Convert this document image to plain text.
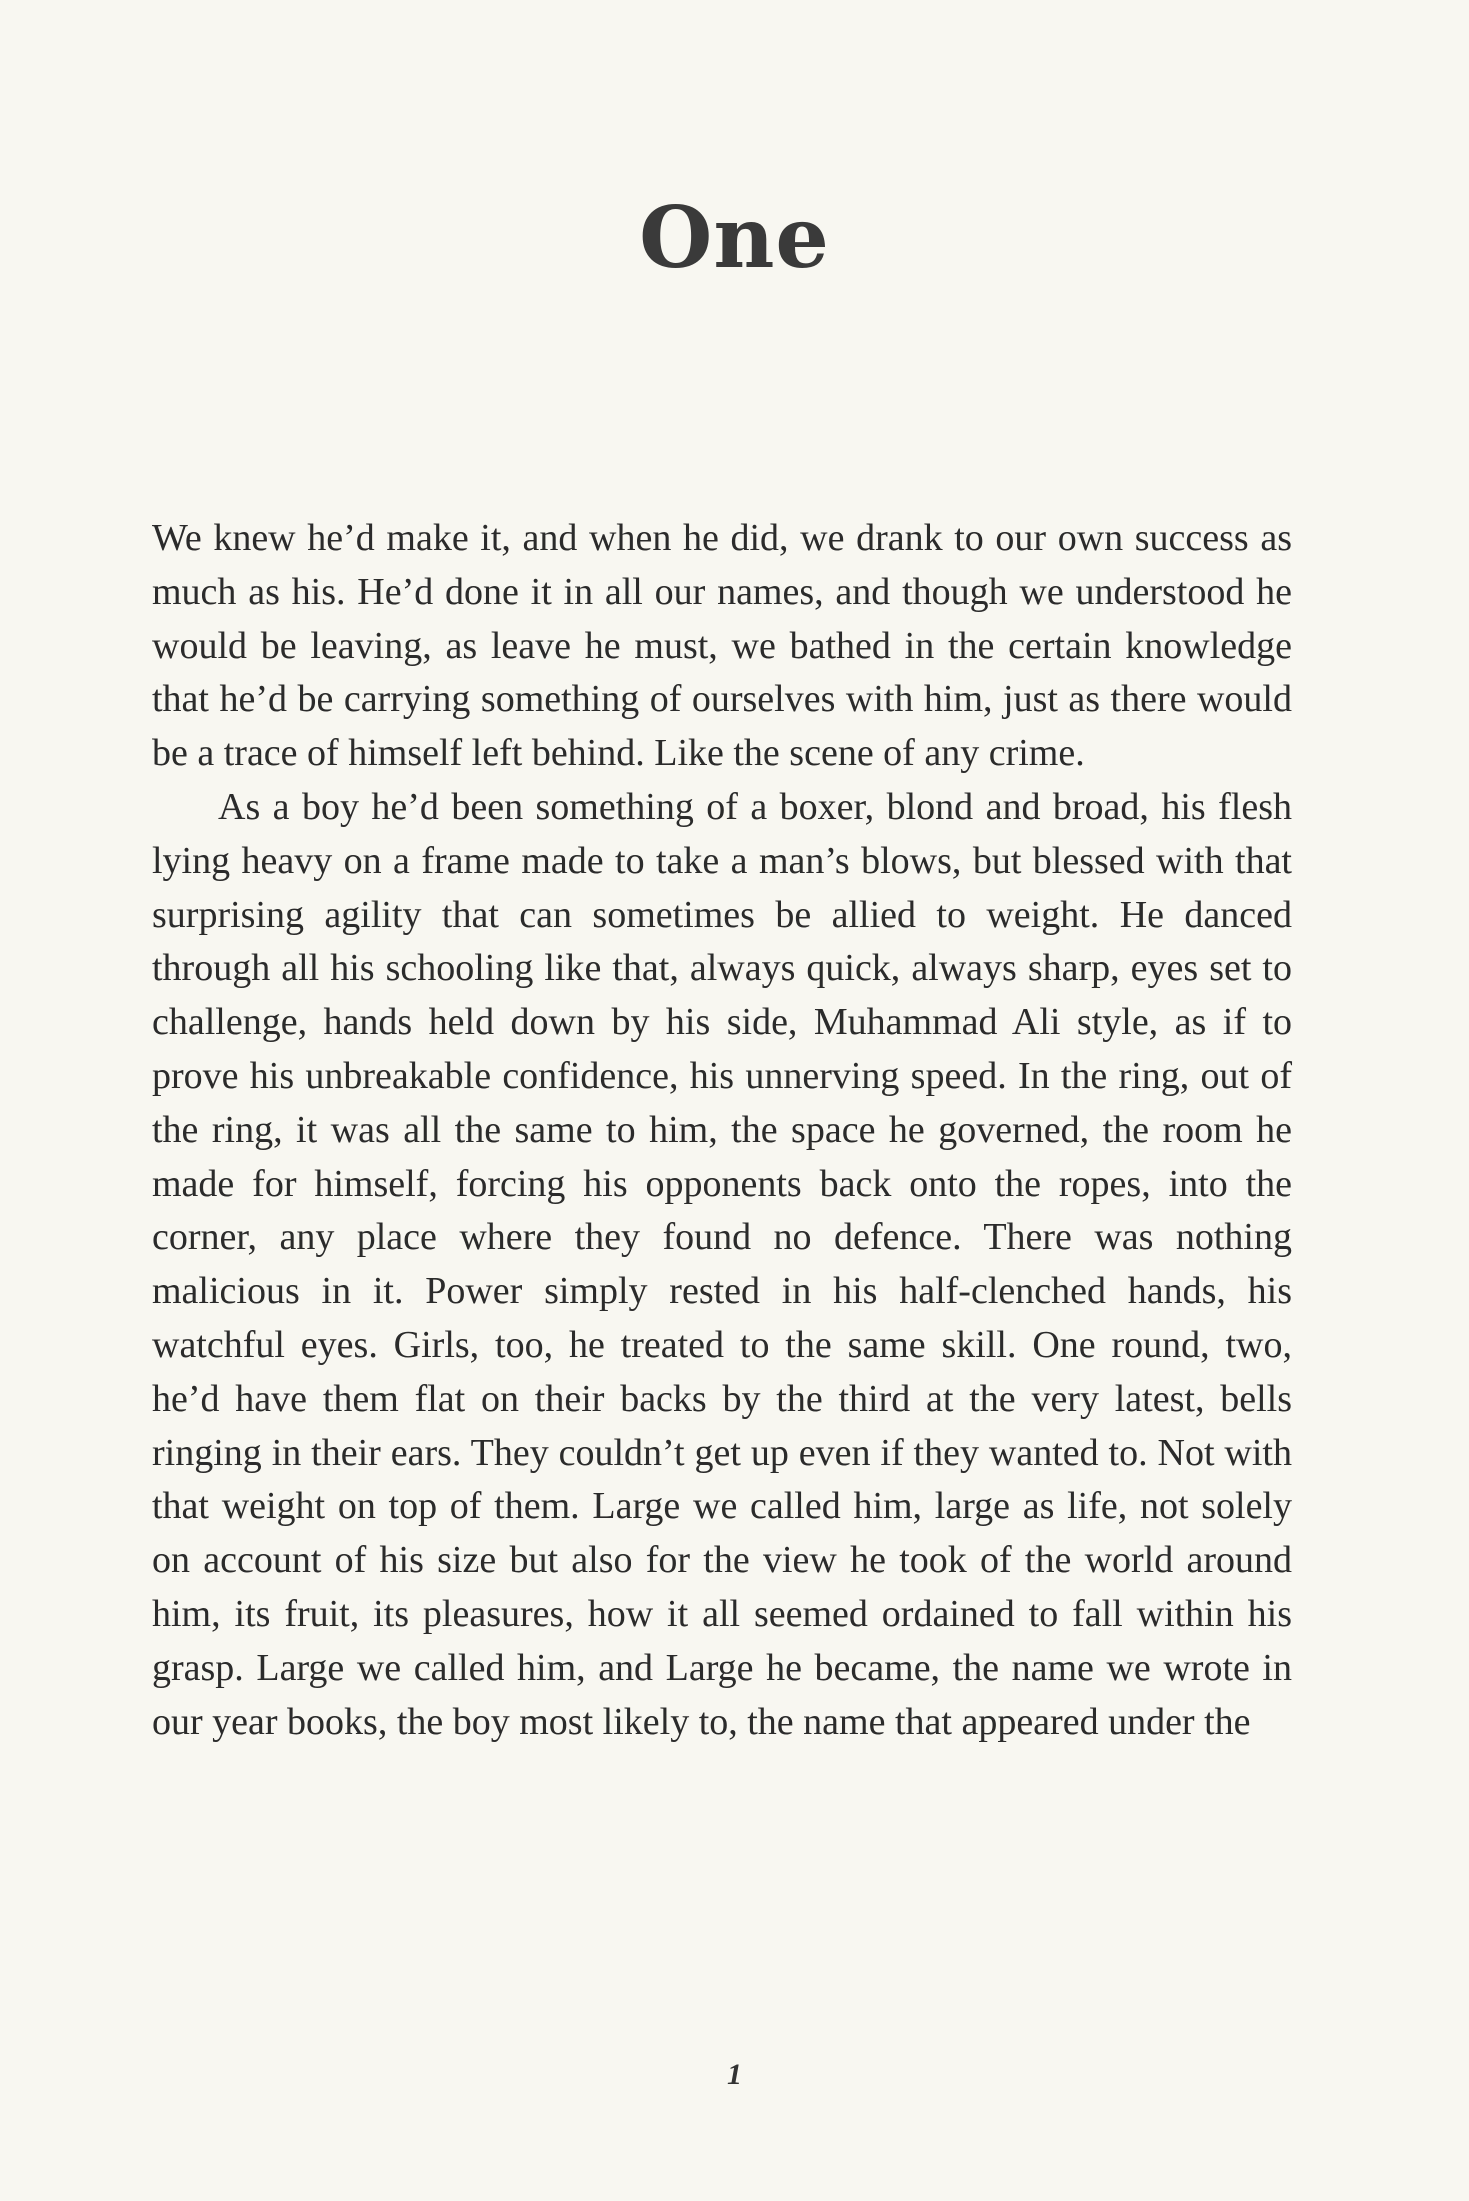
One

We knew he’d make it, and when he did, we drank to our own success as much as his. He’d done it in all our names, and though we understood he would be leaving, as leave he must, we bathed in the certain knowledge that he’d be carrying something of ourselves with him, just as there would be a trace of himself left behind. Like the scene of any crime.

As a boy he’d been something of a boxer, blond and broad, his flesh lying heavy on a frame made to take a man’s blows, but blessed with that surprising agility that can sometimes be allied to weight. He danced through all his schooling like that, always quick, always sharp, eyes set to challenge, hands held down by his side, Muhammad Ali style, as if to prove his unbreakable confidence, his unnerving speed. In the ring, out of the ring, it was all the same to him, the space he governed, the room he made for himself, forcing his opponents back onto the ropes, into the corner, any place where they found no defence. There was nothing malicious in it. Power simply rested in his half-clenched hands, his watchful eyes. Girls, too, he treated to the same skill. One round, two, he’d have them flat on their backs by the third at the very latest, bells ringing in their ears. They couldn’t get up even if they wanted to. Not with that weight on top of them. Large we called him, large as life, not solely on account of his size but also for the view he took of the world around him, its fruit, its pleasures, how it all seemed ordained to fall within his grasp. Large we called him, and Large he became, the name we wrote in our year books, the boy most likely to, the name that appeared under the

1
